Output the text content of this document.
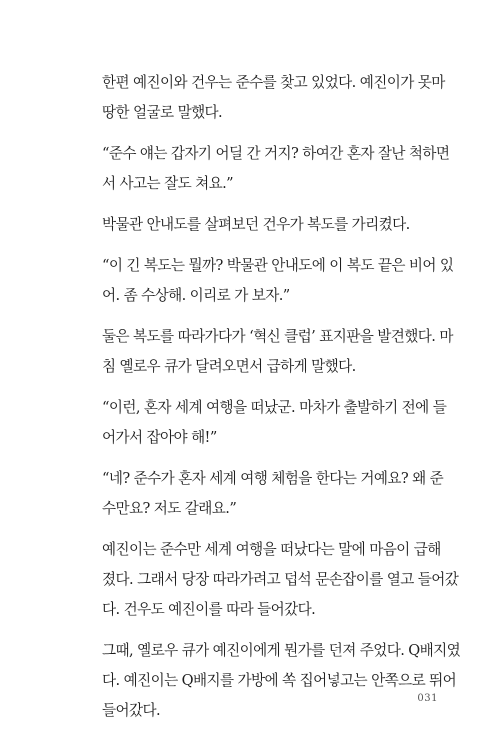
한편 예진이와 건우는 준수를 찾고 있었다. 예진이가 못마
땅한 얼굴로 말했다.

“준수 얘는 갑자기 어딜 간 거지? 하여간 혼자 잘난 척하면
서 사고는 잘도 쳐요.”

박물관 안내도를 살펴보던 건우가 복도를 가리켰다.

“이 긴 복도는 뭘까? 박물관 안내도에 이 복도 끝은 비어 있
어. 좀 수상해. 이리로 가 보자.”

둘은 복도를 따라가다가 ‘혁신 클럽’ 표지판을 발견했다. 마
침 옐로우 큐가 달려오면서 급하게 말했다.

“이런, 혼자 세계 여행을 떠났군. 마차가 출발하기 전에 들
어가서 잡아야 해!”

“네? 준수가 혼자 세계 여행 체험을 한다는 거예요? 왜 준
수만요? 저도 갈래요.”

예진이는 준수만 세계 여행을 떠났다는 말에 마음이 급해
졌다. 그래서 당장 따라가려고 덥석 문손잡이를 열고 들어갔
다. 건우도 예진이를 따라 들어갔다.

그때, 옐로우 큐가 예진이에게 뭔가를 던져 주었다. Q배지였
다. 예진이는 Q배지를 가방에 쏙 집어넣고는 안쪽으로 뛰어
들어갔다.

031
